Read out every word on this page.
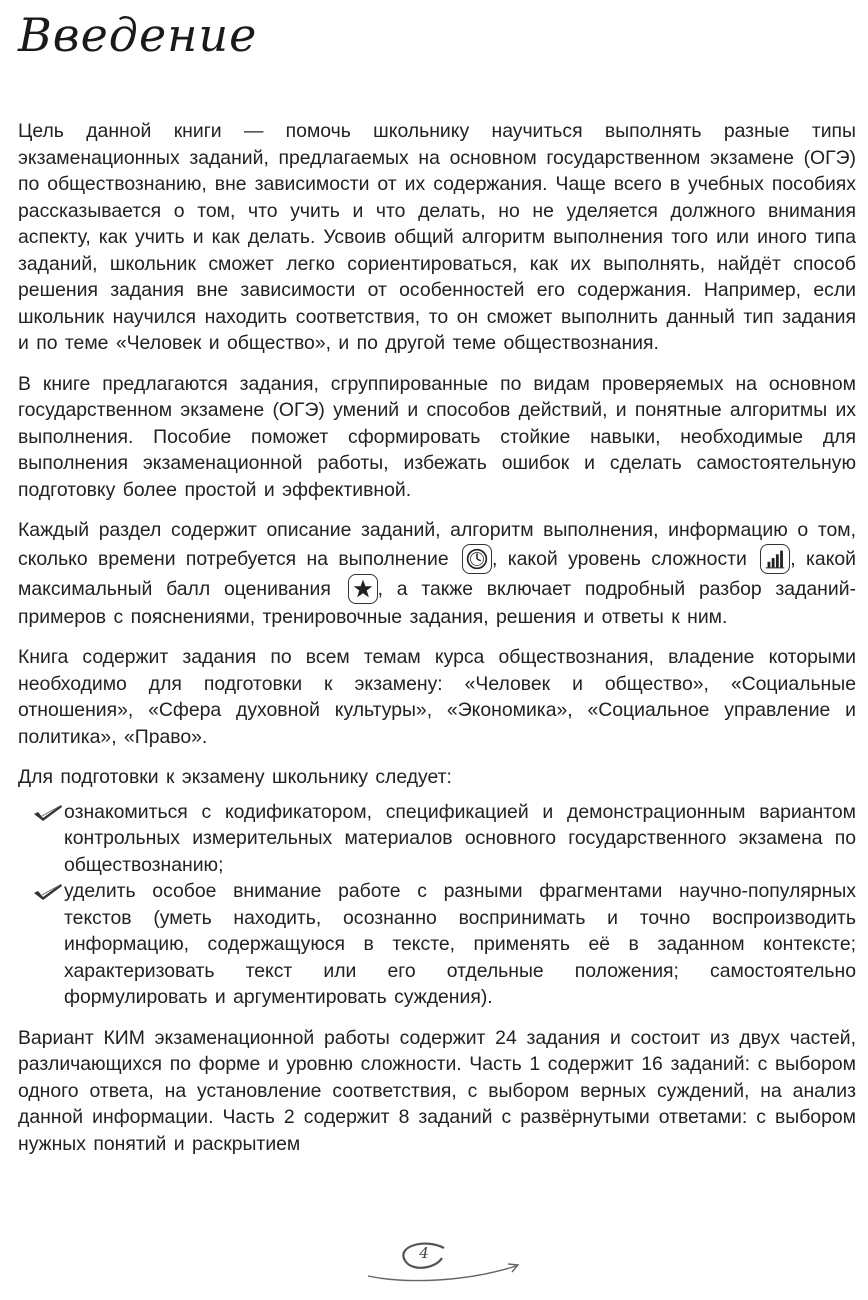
Введение

Цель данной книги — помочь школьнику научиться выполнять разные типы экзаменационных заданий, предлагаемых на основном государственном экзамене (ОГЭ) по обществознанию, вне зависимости от их содержания. Чаще всего в учебных пособиях рассказывается о том, что учить и что делать, но не уделяется должного внимания аспекту, как учить и как делать. Усвоив общий алгоритм выполнения того или иного типа заданий, школьник сможет легко сориентироваться, как их выполнять, найдёт способ решения задания вне зависимости от особенностей его содержания. Например, если школьник научился находить соответствия, то он сможет выполнить данный тип задания и по теме «Человек и общество», и по другой теме обществознания.

В книге предлагаются задания, сгруппированные по видам проверяемых на основном государственном экзамене (ОГЭ) умений и способов действий, и понятные алгоритмы их выполнения. Пособие поможет сформировать стойкие навыки, необходимые для выполнения экзаменационной работы, избежать ошибок и сделать самостоятельную подготовку более простой и эффективной.

Каждый раздел содержит описание заданий, алгоритм выполнения, информацию о том, сколько времени потребуется на выполнение , какой уровень сложности , какой максимальный балл оценивания , а также включает подробный разбор заданий-примеров с пояснениями, тренировочные задания, решения и ответы к ним.

Книга содержит задания по всем темам курса обществознания, владение которыми необходимо для подготовки к экзамену: «Человек и общество», «Социальные отношения», «Сфера духовной культуры», «Экономика», «Социальное управление и политика», «Право».

Для подготовки к экзамену школьнику следует:

ознакомиться с кодификатором, спецификацией и демонстрационным вариантом контрольных измерительных материалов основного государственного экзамена по обществознанию;
уделить особое внимание работе с разными фрагментами научно-популярных текстов (уметь находить, осознанно воспринимать и точно воспроизводить информацию, содержащуюся в тексте, применять её в заданном контексте; характеризовать текст или его отдельные положения; самостоятельно формулировать и аргументировать суждения).

Вариант КИМ экзаменационной работы содержит 24 задания и состоит из двух частей, различающихся по форме и уровню сложности. Часть 1 содержит 16 заданий: с выбором одного ответа, на установление соответствия, с выбором верных суждений, на анализ данной информации. Часть 2 содержит 8 заданий с развёрнутыми ответами: с выбором нужных понятий и раскрытием

4
